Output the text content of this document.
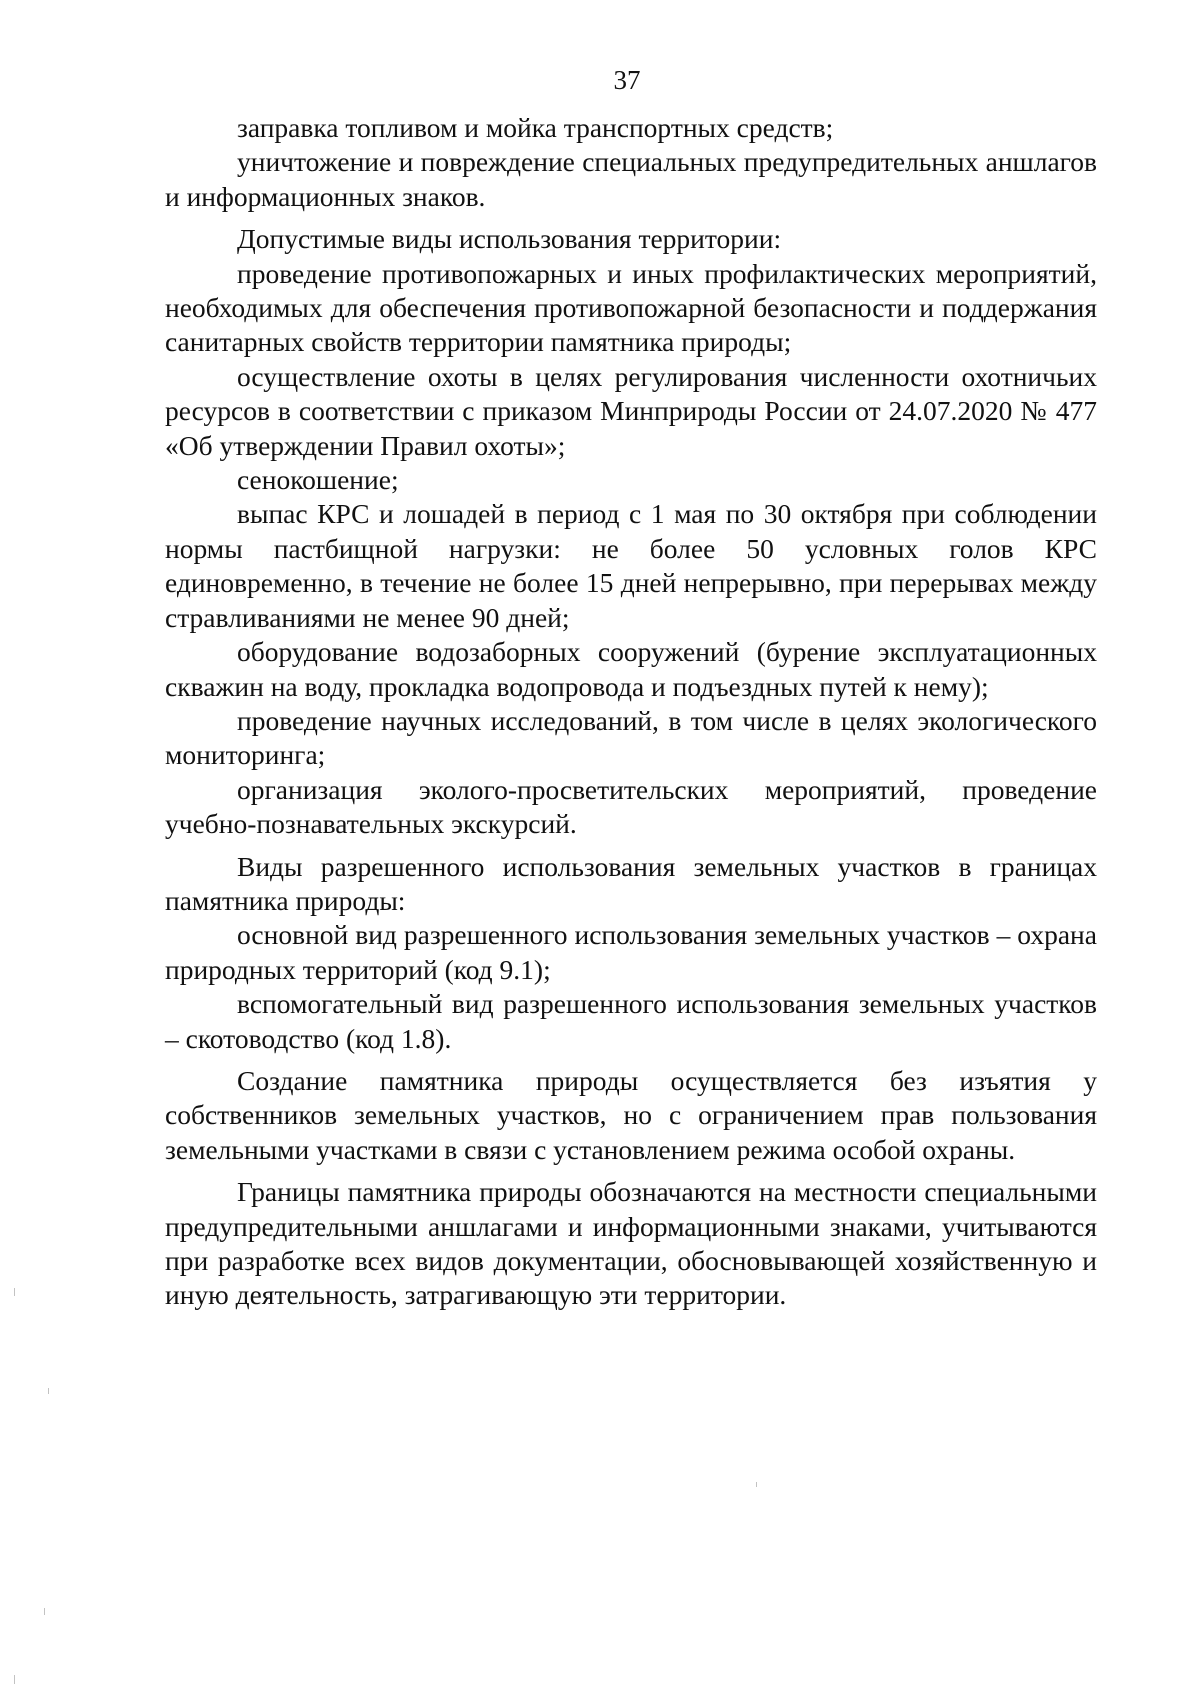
37

заправка топливом и мойка транспортных средств;

уничтожение и повреждение специальных предупредительных аншлагов и информационных знаков.

Допустимые виды использования территории:

проведение противопожарных и иных профилактических мероприятий, необходимых для обеспечения противопожарной безопасности и поддержания санитарных свойств территории памятника природы;

осуществление охоты в целях регулирования численности охотничьих ресурсов в соответствии с приказом Минприроды России от 24.07.2020 № 477 «Об утверждении Правил охоты»;

сенокошение;

выпас КРС и лошадей в период с 1 мая по 30 октября при соблюдении нормы пастбищной нагрузки: не более 50 условных голов КРС единовременно, в течение не более 15 дней непрерывно, при перерывах между стравливаниями не менее 90 дней;

оборудование водозаборных сооружений (бурение эксплуатационных скважин на воду, прокладка водопровода и подъездных путей к нему);

проведение научных исследований, в том числе в целях экологического мониторинга;

организация эколого-просветительских мероприятий, проведение учебно-познавательных экскурсий.

Виды разрешенного использования земельных участков в границах памятника природы:

основной вид разрешенного использования земельных участков – охрана природных территорий (код 9.1);

вспомогательный вид разрешенного использования земельных участков – скотоводство (код 1.8).

Создание памятника природы осуществляется без изъятия у собственников земельных участков, но с ограничением прав пользования земельными участками в связи с установлением режима особой охраны.

Границы памятника природы обозначаются на местности специальными предупредительными аншлагами и информационными знаками, учитываются при разработке всех видов документации, обосновывающей хозяйственную и иную деятельность, затрагивающую эти территории.
